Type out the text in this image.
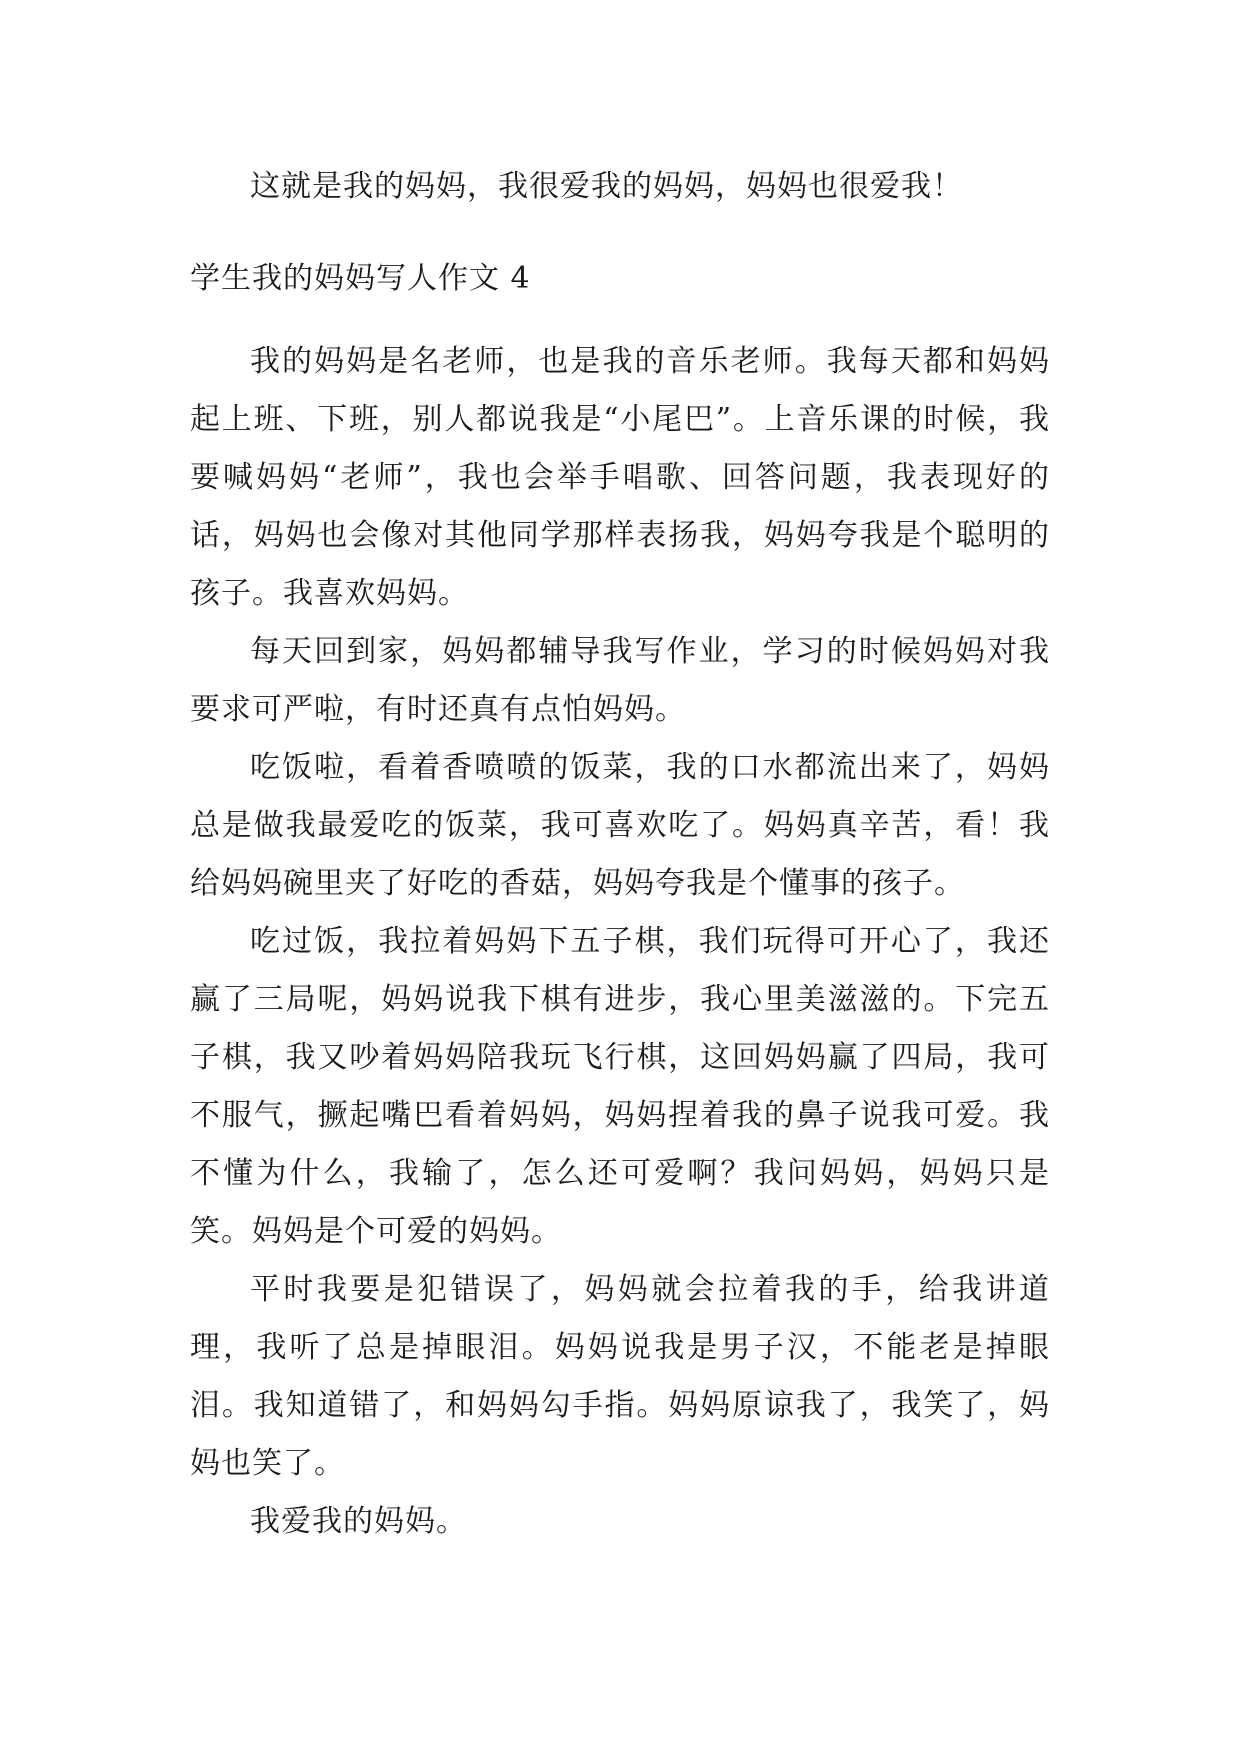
这就是我的妈妈，我很爱我的妈妈，妈妈也很爱我！

学生我的妈妈写人作文 4

我的妈妈是名老师，也是我的音乐老师。我每天都和妈妈起上班、下班，别人都说我是“小尾巴”。上音乐课的时候，我要喊妈妈“老师”，我也会举手唱歌、回答问题，我表现好的话，妈妈也会像对其他同学那样表扬我，妈妈夸我是个聪明的孩子。我喜欢妈妈。

每天回到家，妈妈都辅导我写作业，学习的时候妈妈对我要求可严啦，有时还真有点怕妈妈。

吃饭啦，看着香喷喷的饭菜，我的口水都流出来了，妈妈总是做我最爱吃的饭菜，我可喜欢吃了。妈妈真辛苦，看！我给妈妈碗里夹了好吃的香菇，妈妈夸我是个懂事的孩子。

吃过饭，我拉着妈妈下五子棋，我们玩得可开心了，我还赢了三局呢，妈妈说我下棋有进步，我心里美滋滋的。下完五子棋，我又吵着妈妈陪我玩飞行棋，这回妈妈赢了四局，我可不服气，撅起嘴巴看着妈妈，妈妈捏着我的鼻子说我可爱。我不懂为什么，我输了，怎么还可爱啊？我问妈妈，妈妈只是笑。妈妈是个可爱的妈妈。

平时我要是犯错误了，妈妈就会拉着我的手，给我讲道理，我听了总是掉眼泪。妈妈说我是男子汉，不能老是掉眼泪。我知道错了，和妈妈勾手指。妈妈原谅我了，我笑了，妈妈也笑了。

我爱我的妈妈。
